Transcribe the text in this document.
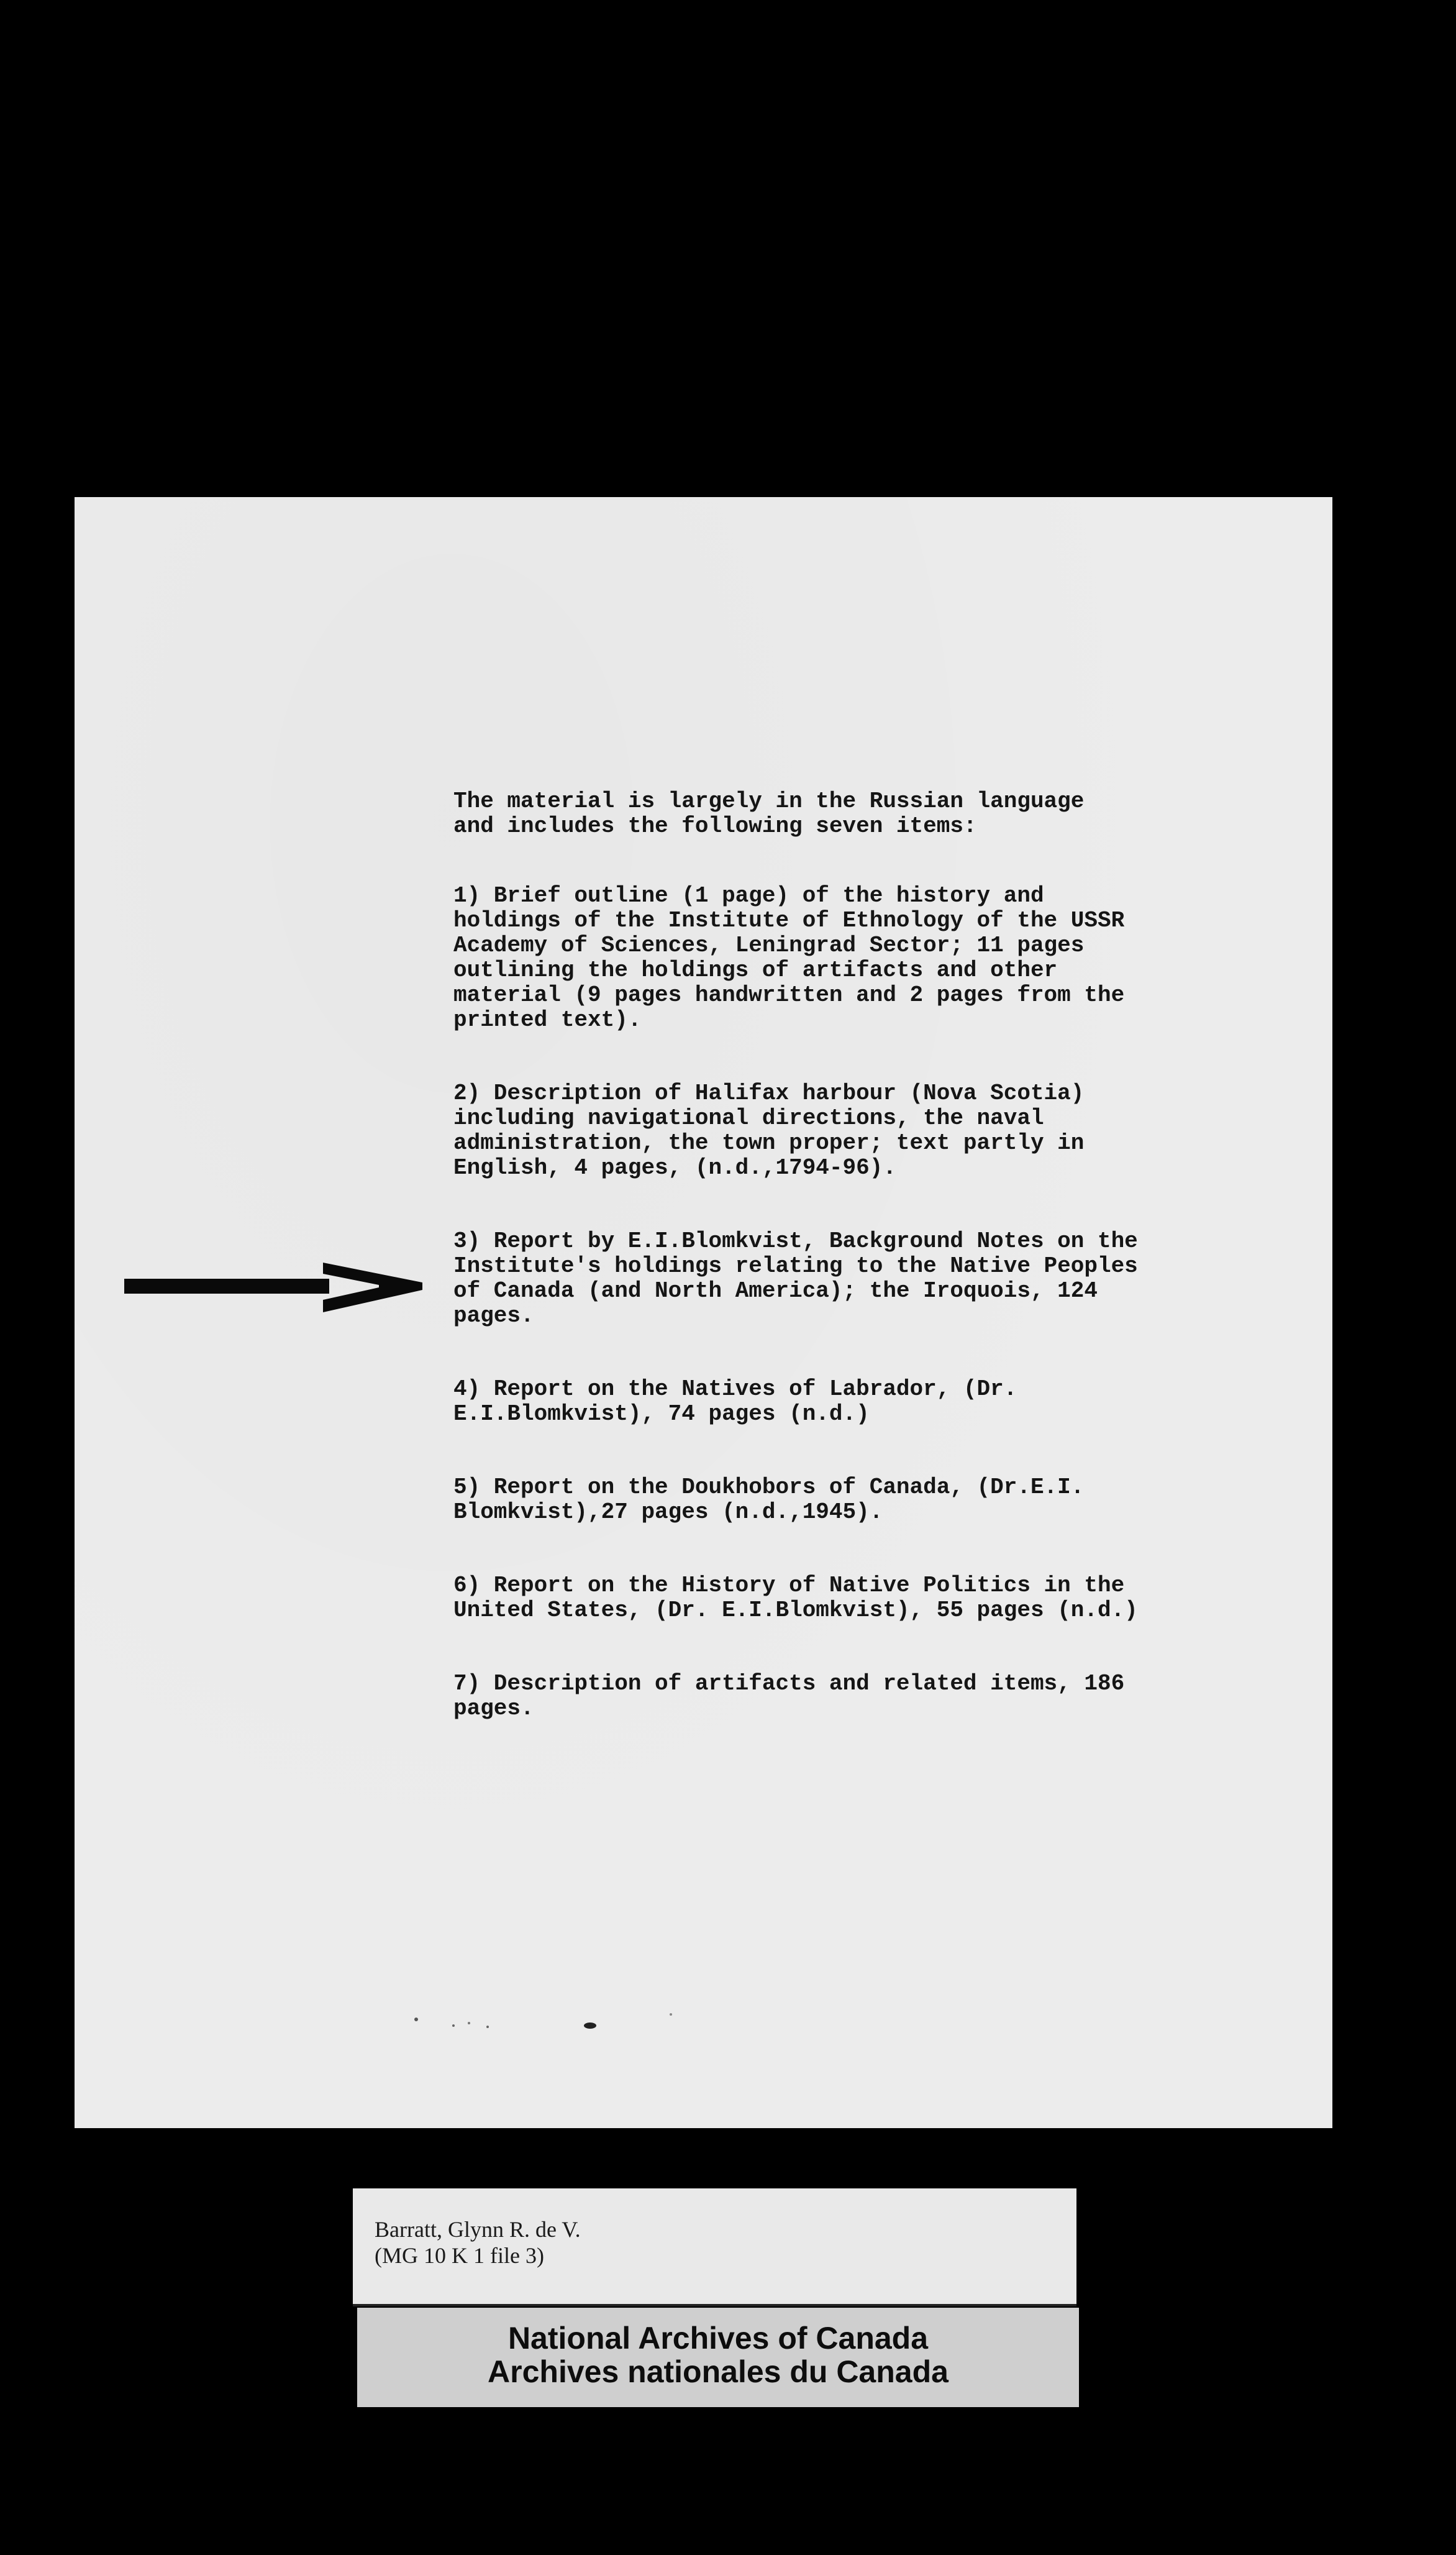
The material is largely in the Russian language
and includes the following seven items:

1) Brief outline (1 page) of the history and
holdings of the Institute of Ethnology of the USSR
Academy of Sciences, Leningrad Sector; 11 pages
outlining the holdings of artifacts and other
material (9 pages handwritten and 2 pages from the
printed text).

2) Description of Halifax harbour (Nova Scotia)
including navigational directions, the naval
administration, the town proper; text partly in
English, 4 pages, (n.d.,1794-96).

3) Report by E.I.Blomkvist, Background Notes on the
Institute's holdings relating to the Native Peoples
of Canada (and North America); the Iroquois, 124
pages.

4) Report on the Natives of Labrador, (Dr.
E.I.Blomkvist), 74 pages (n.d.)

5) Report on the Doukhobors of Canada, (Dr.E.I.
Blomkvist),27 pages (n.d.,1945).

6) Report on the History of Native Politics in the
United States, (Dr. E.I.Blomkvist), 55 pages (n.d.)

7) Description of artifacts and related items, 186
pages.

Barratt, Glynn R. de V.
(MG 10 K 1 file 3)
National Archives of Canada
Archives nationales du Canada
